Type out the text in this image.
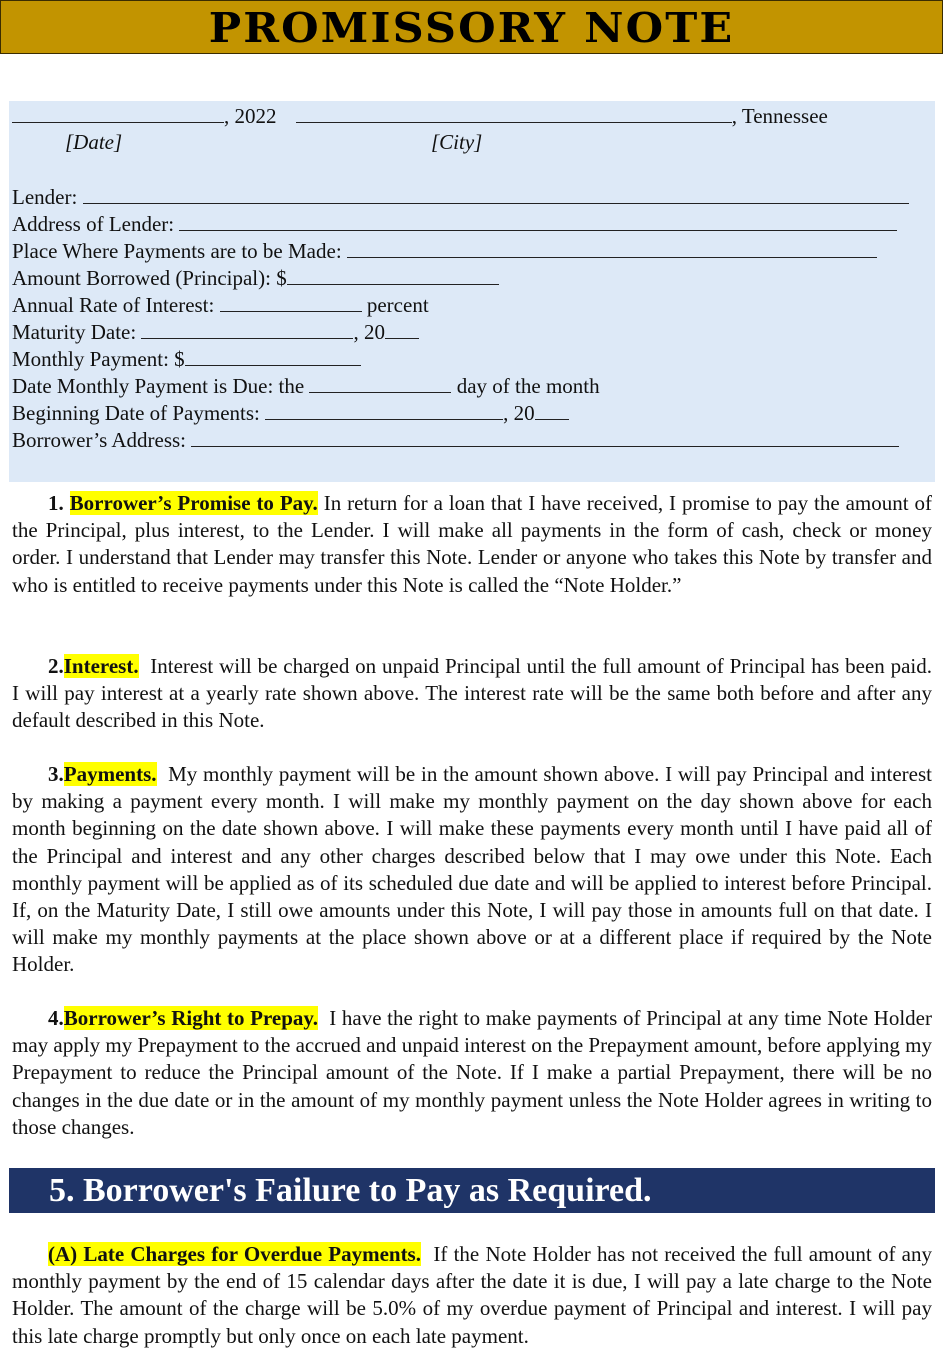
PROMISSORY NOTE
, 2022	, Tennessee
[Date]	[City]
Lender:
Address of Lender:
Place Where Payments are to be Made:
Amount Borrowed (Principal): $
Annual Rate of Interest:	percent
Maturity Date:	, 20
Monthly Payment: $
Date Monthly Payment is Due: the	day of the month
Beginning Date of Payments:	, 20
Borrower’s Address:

1. Borrower’s Promise to Pay. In return for a loan that I have received, I promise to pay the amount of the Principal, plus interest, to the Lender. I will make all payments in the form of cash, check or money order. I understand that Lender may transfer this Note. Lender or anyone who takes this Note by transfer and who is entitled to receive payments under this Note is called the “Note Holder.”

2.Interest. Interest will be charged on unpaid Principal until the full amount of Principal has been paid. I will pay interest at a yearly rate shown above. The interest rate will be the same both before and after any default described in this Note.

3.Payments. My monthly payment will be in the amount shown above. I will pay Principal and interest by making a payment every month. I will make my monthly payment on the day shown above for each month beginning on the date shown above. I will make these payments every month until I have paid all of the Principal and interest and any other charges described below that I may owe under this Note. Each monthly payment will be applied as of its scheduled due date and will be applied to interest before Principal. If, on the Maturity Date, I still owe amounts under this Note, I will pay those in amounts full on that date. I will make my monthly payments at the place shown above or at a different place if required by the Note Holder.

4.Borrower’s Right to Prepay. I have the right to make payments of Principal at any time Note Holder may apply my Prepayment to the accrued and unpaid interest on the Prepayment amount, before applying my Prepayment to reduce the Principal amount of the Note. If I make a partial Prepayment, there will be no changes in the due date or in the amount of my monthly payment unless the Note Holder agrees in writing to those changes.

5. Borrower's Failure to Pay as Required.

(A) Late Charges for Overdue Payments. If the Note Holder has not received the full amount of any monthly payment by the end of 15 calendar days after the date it is due, I will pay a late charge to the Note Holder. The amount of the charge will be 5.0% of my overdue payment of Principal and interest. I will pay this late charge promptly but only once on each late payment.
